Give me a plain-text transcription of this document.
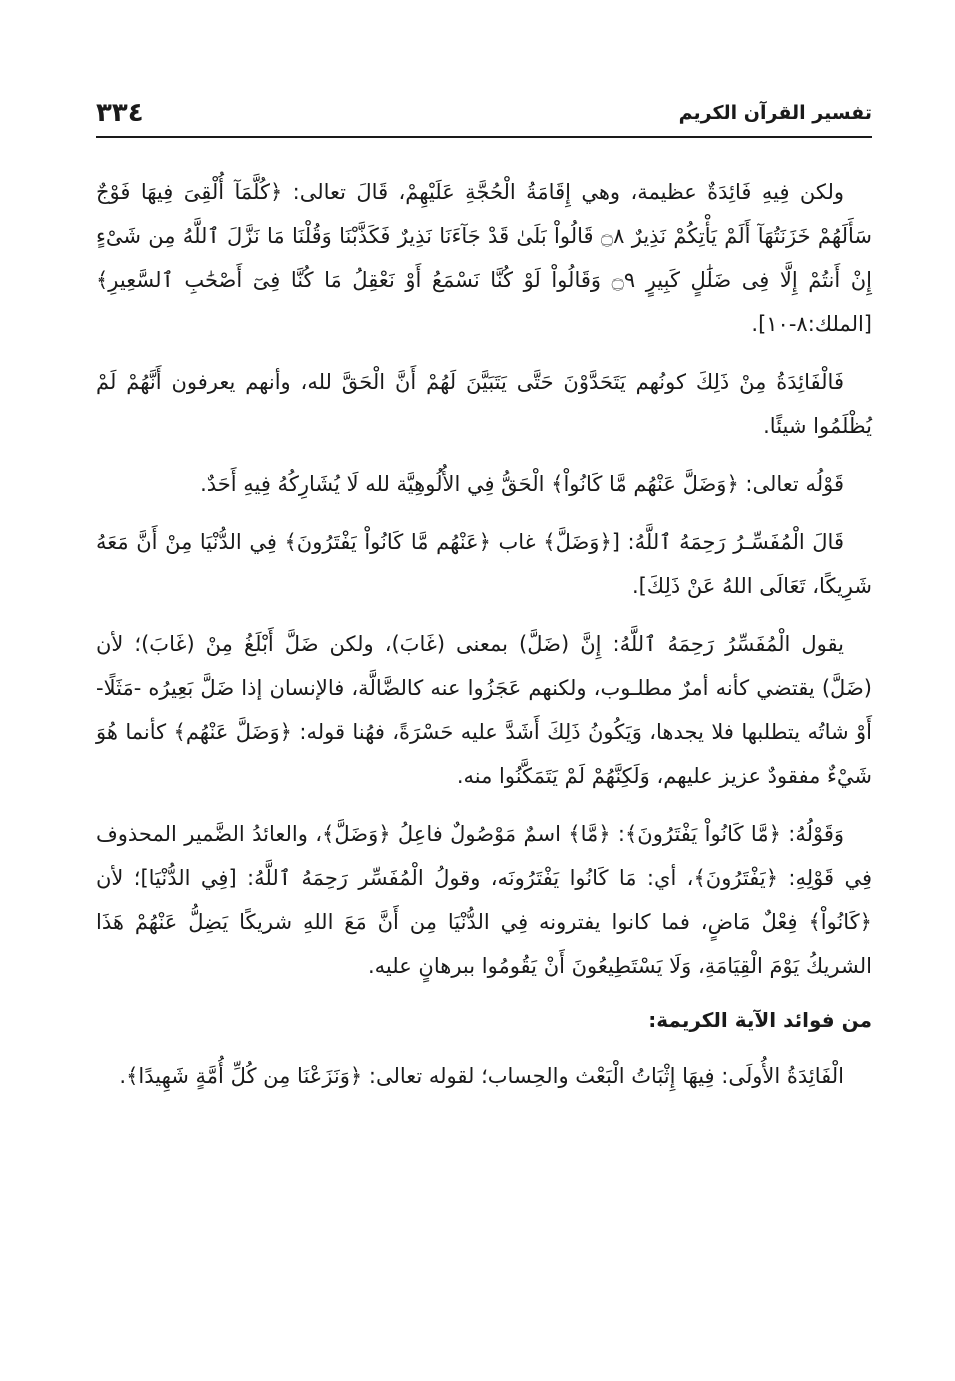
٣٣٤	تفسير القرآن الكريم

ولكن فِيهِ فَائِدَةٌ عظيمة، وهي إِقَامَةُ الْحُجَّةِ عَلَيْهِمْ، قَالَ تعالى: ﴿كُلَّمَآ أُلْقِىَ فِيهَا فَوْجٌ سَأَلَهُمْ خَزَنَتُهَآ أَلَمْ يَأْتِكُمْ نَذِيرٌ ۝٨ قَالُواْ بَلَىٰ قَدْ جَآءَنَا نَذِيرٌ فَكَذَّبْنَا وَقُلْنَا مَا نَزَّلَ ٱللَّهُ مِن شَىْءٍ إِنْ أَنتُمْ إِلَّا فِى ضَلَٰلٍ كَبِيرٍ ۝٩ وَقَالُواْ لَوْ كُنَّا نَسْمَعُ أَوْ نَعْقِلُ مَا كُنَّا فِىٓ أَصْحَٰبِ ٱلسَّعِيرِ﴾ [الملك:٨-١٠].

فَالْفَائِدَةُ مِنْ ذَلِكَ كونُهم يَتَحَدَّوْنَ حَتَّى يَتَبَيَّنَ لَهُمْ أَنَّ الْحَقَّ لله، وأنهم يعرفون أَنَّهُمْ لَمْ يُظْلَمُوا شيئًا.

قَوْلُه تعالى: ﴿وَضَلَّ عَنْهُم مَّا كَانُواْ﴾ الْحَقُّ فِي الأُلُوهِيَّة لله لَا يُشَارِكُهُ فِيهِ أَحَدٌ.

قَالَ الْمُفَسِّـرُ رَحِمَهُ ٱللَّهُ: [﴿وَضَلَّ﴾ غاب ﴿عَنْهُم مَّا كَانُواْ يَفْتَرُونَ﴾ فِي الدُّنْيَا مِنْ أَنَّ مَعَهُ شَرِيكًا، تَعَالَى اللهُ عَنْ ذَلِكَ].

يقول الْمُفَسِّرُ رَحِمَهُ ٱللَّهُ: إِنَّ (ضَلَّ) بمعنى (غَابَ)، ولكن ضَلَّ أَبْلَغُ مِنْ (غَابَ)؛ لأن (ضَلَّ) يقتضي كأنه أمرٌ مطلـوب، ولكنهم عَجَزُوا عنه كالضَّالَّة، فالإنسان إذا ضَلَّ بَعِيرُه -مَثَلًا- أَوْ شاتُه يتطلبها فلا يجدها، وَيَكُونُ ذَلِكَ أَشَدَّ عليه حَسْرَةً، فهُنا قوله: ﴿وَضَلَّ عَنْهُم﴾ كأنما هُوَ شَيْءٌ مفقودٌ عزيز عليهم، وَلَكِنَّهُمْ لَمْ يَتَمَكَّنُوا منه.

وَقَوْلُهُ: ﴿مَّا كَانُواْ يَفْتَرُونَ﴾: ﴿مَّا﴾ اسمٌ مَوْصُولٌ فاعِلُ ﴿وَضَلَّ﴾، والعائدُ الضَّمير المحذوف فِي قَوْلِهِ: ﴿يَفْتَرُونَ﴾، أي: مَا كَانُوا يَفْتَرُونَه، وقولُ الْمُفَسِّر رَحِمَهُ ٱللَّهُ: [فِي الدُّنْيَا]؛ لأن ﴿كَانُواْ﴾ فِعْلٌ مَاضٍ، فما كانوا يفترونه فِي الدُّنْيَا مِن أَنَّ مَعَ اللهِ شريكًا يَضِلُّ عَنْهُمْ هَذَا الشريكُ يَوْمَ الْقِيَامَةِ، وَلَا يَسْتَطِيعُونَ أَنْ يَقُومُوا ببرهانٍ عليه.

من فوائد الآية الكريمة:

الْفَائِدَةُ الأُولَى: فِيهَا إِثْبَاتُ الْبَعْث والحِساب؛ لقوله تعالى: ﴿وَنَزَعْنَا مِن كُلِّ أُمَّةٍ شَهِيدًا﴾.
